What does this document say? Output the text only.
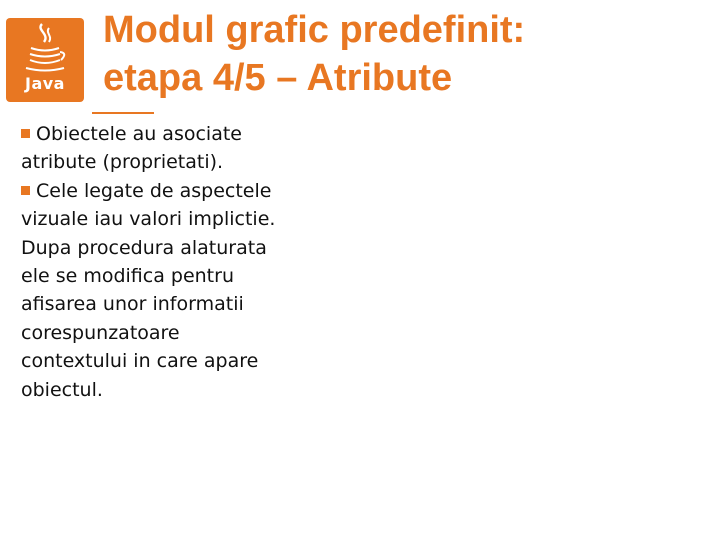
Java
Modul grafic predefinit:
etapa 4/5 – Atribute

Obiectele au asociate atribute (proprietati).

Cele legate de aspectele vizuale iau valori implictie. Dupa procedura alaturata ele se modifica pentru afisarea unor informatii corespunzatoare contextului in care apare obiectul.
